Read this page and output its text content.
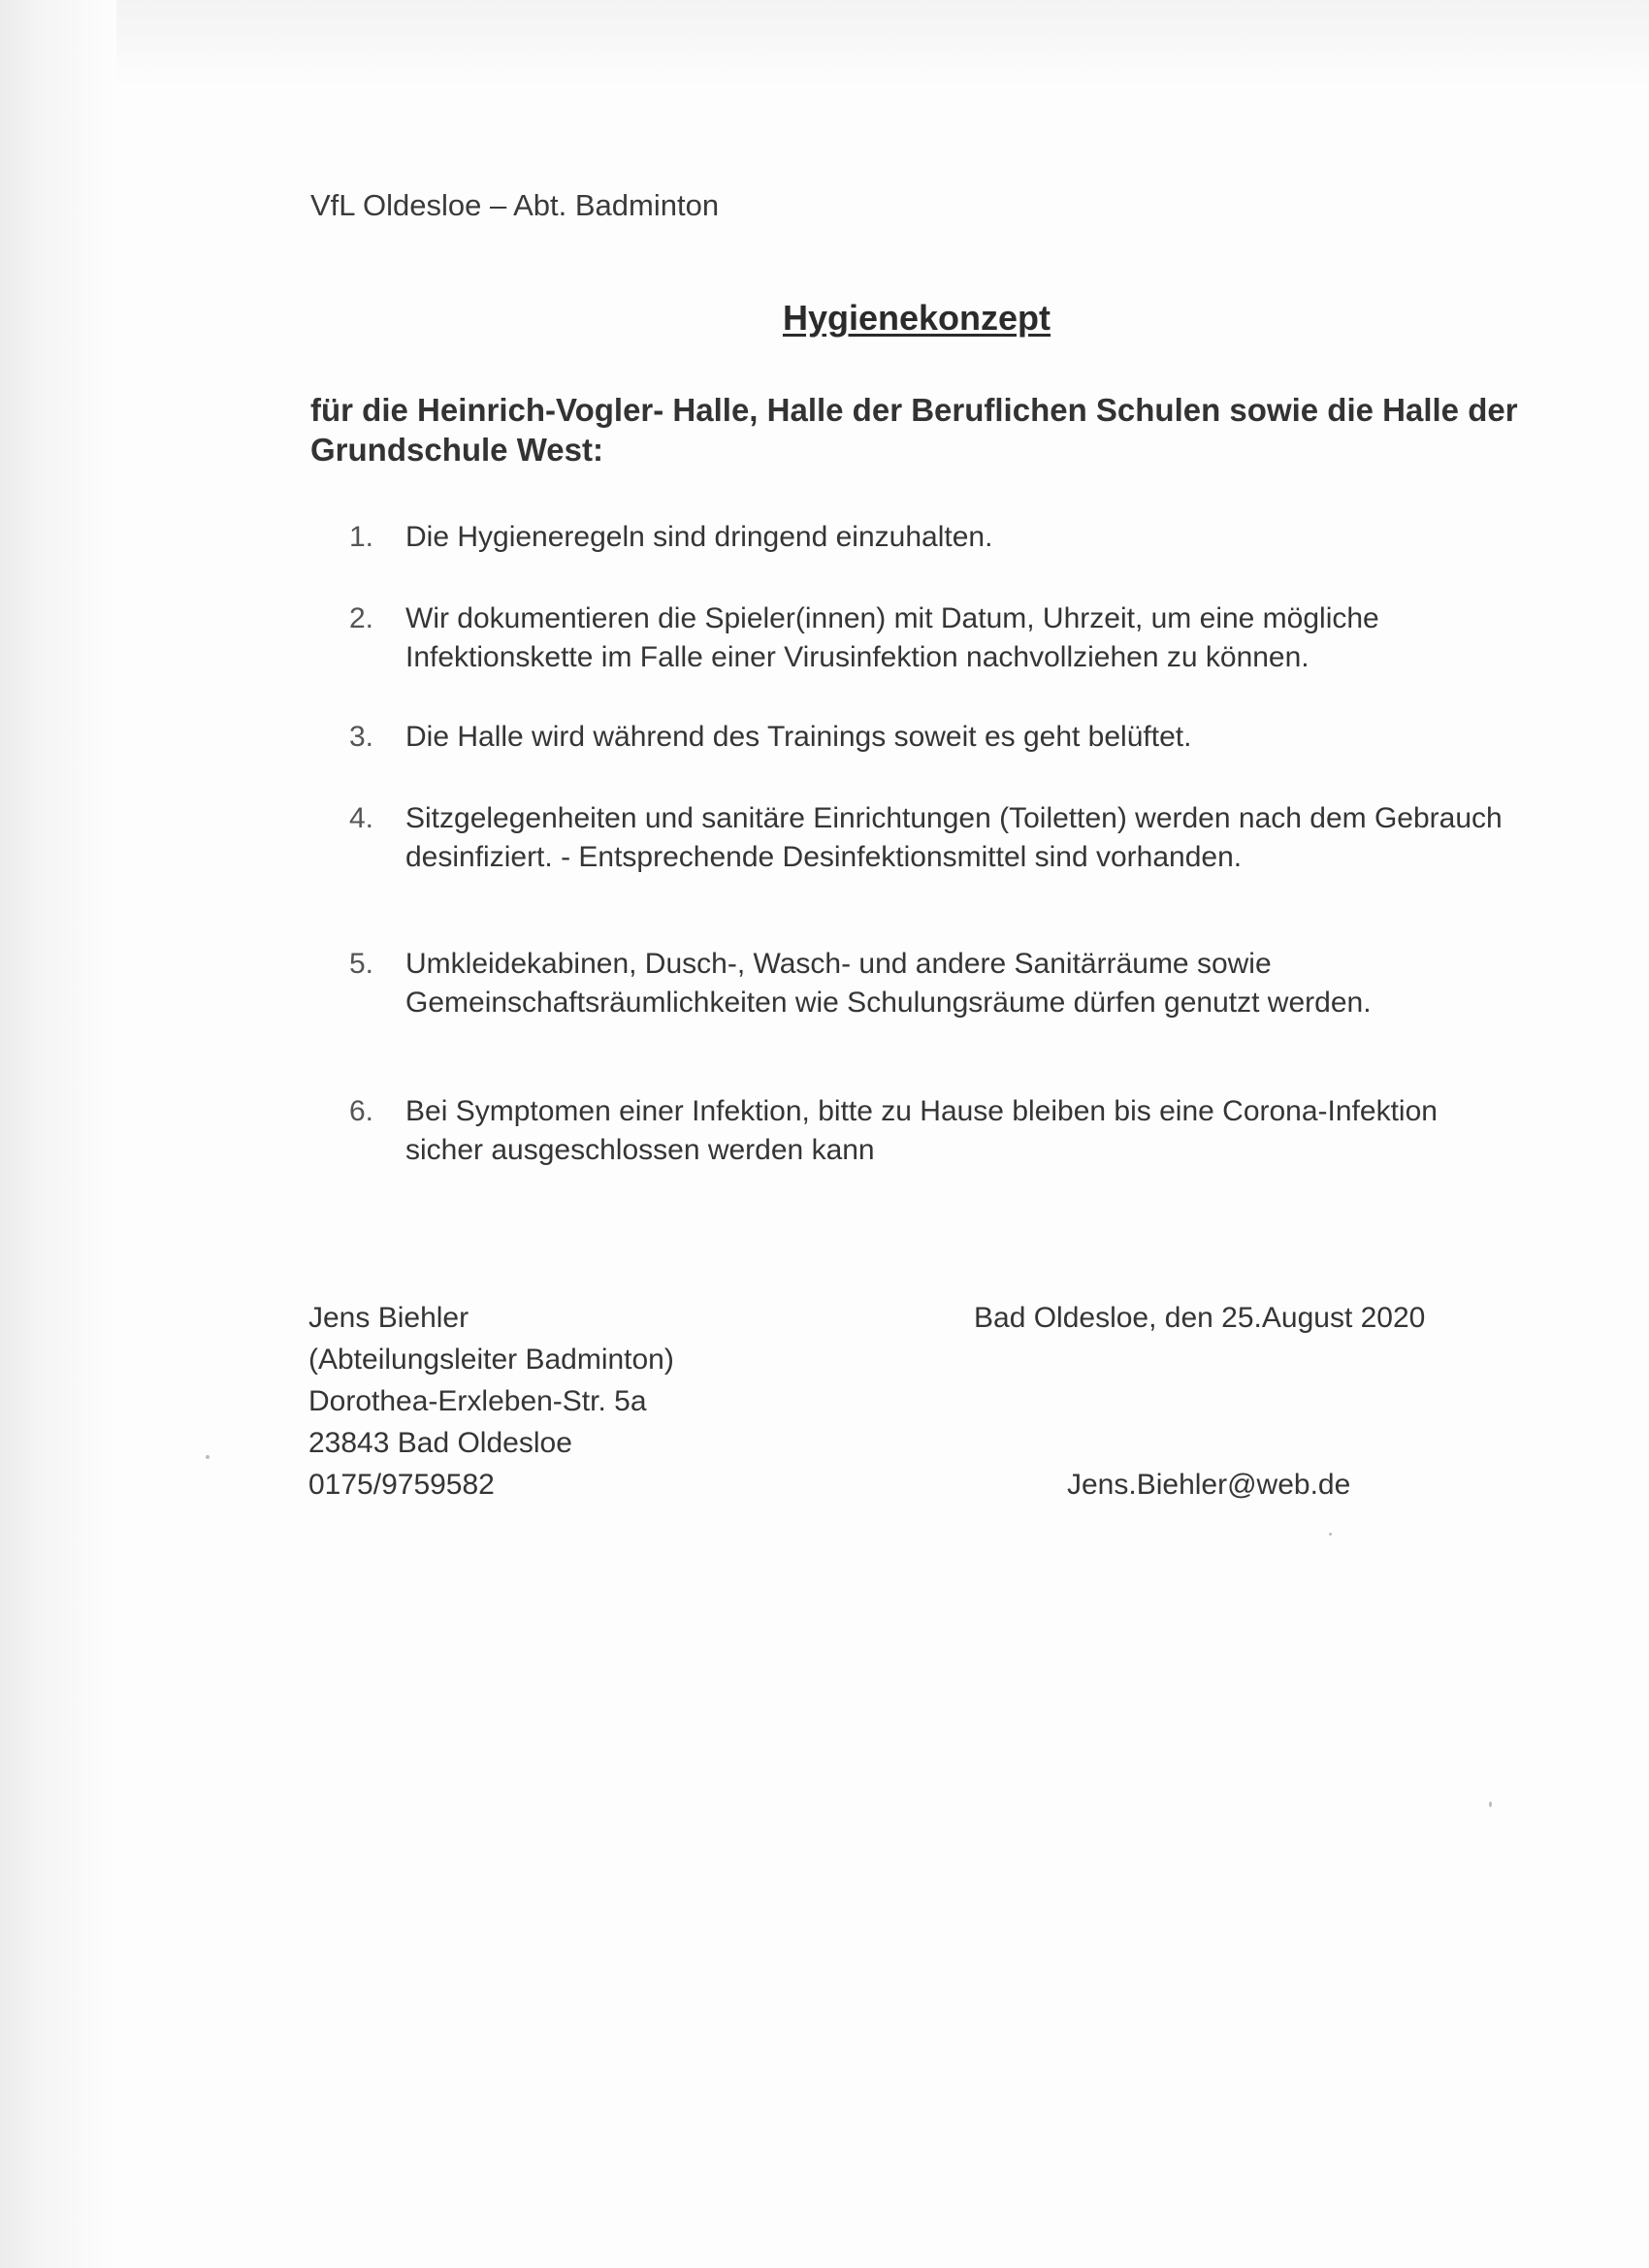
VfL Oldesloe – Abt. Badminton
Hygienekonzept
für die Heinrich-Vogler- Halle, Halle der Beruflichen Schulen sowie die Halle der Grundschule West:
1.	Die Hygieneregeln sind dringend einzuhalten.
2.	Wir dokumentieren die Spieler(innen) mit Datum, Uhrzeit, um eine mögliche Infektionskette im Falle einer Virusinfektion nachvollziehen zu können.
3.	Die Halle wird während des Trainings soweit es geht belüftet.
4.	Sitzgelegenheiten und sanitäre Einrichtungen (Toiletten) werden nach dem Gebrauch desinfiziert. - Entsprechende Desinfektionsmittel sind vorhanden.
5.	Umkleidekabinen, Dusch-, Wasch- und andere Sanitärräume sowie Gemeinschaftsräumlichkeiten wie Schulungsräume dürfen genutzt werden.
6.	Bei Symptomen einer Infektion, bitte zu Hause bleiben bis eine Corona-Infektion sicher ausgeschlossen werden kann
Jens Biehler
(Abteilungsleiter Badminton)
Dorothea-Erxleben-Str. 5a
23843 Bad Oldesloe
0175/9759582
Bad Oldesloe, den 25.August 2020
Jens.Biehler@web.de
